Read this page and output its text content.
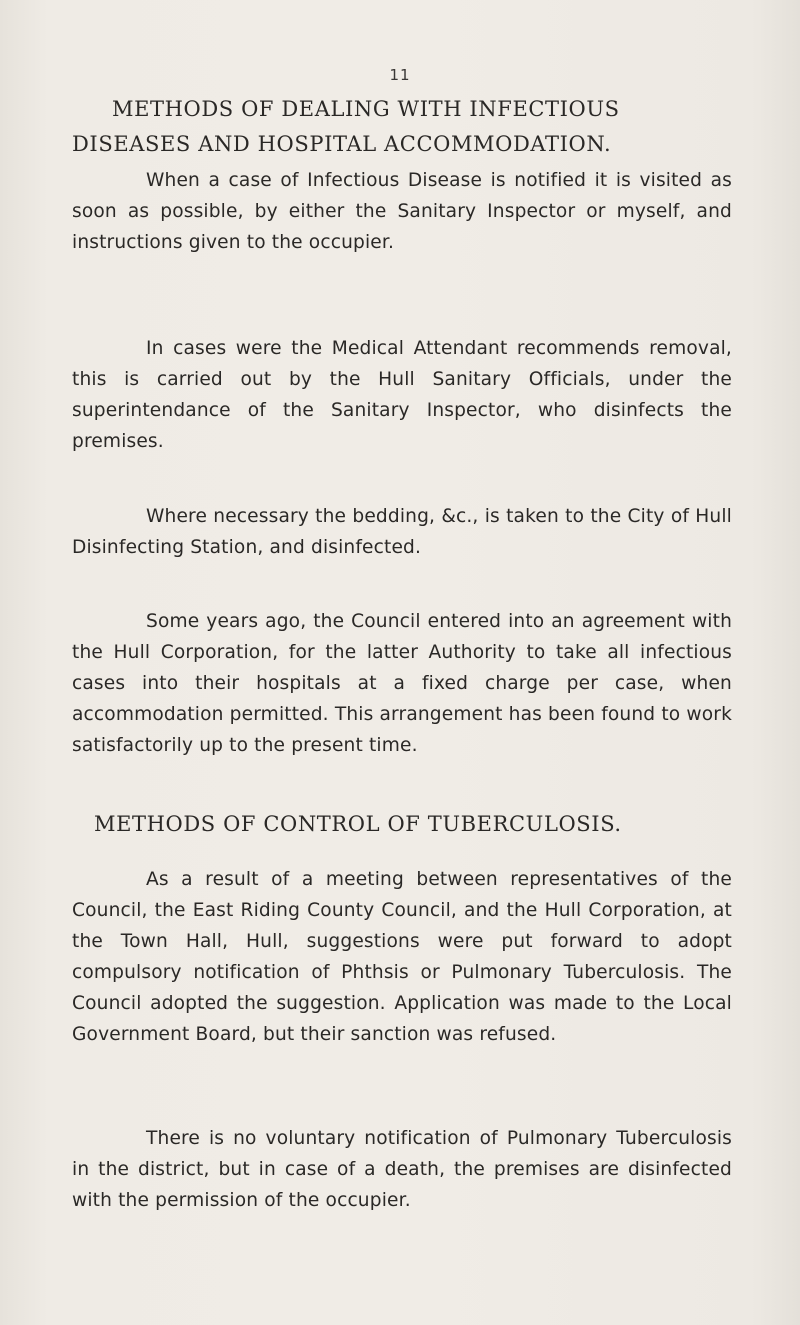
11
METHODS OF DEALING WITH INFECTIOUS
DISEASES AND HOSPITAL ACCOMMODATION.

When a case of Infectious Disease is notified it is visited as soon as possible, by either the Sanitary Inspector or myself, and instructions given to the occupier.

In cases were the Medical Attendant recommends removal, this is carried out by the Hull Sanitary Officials, under the superintendance of the Sanitary Inspector, who disinfects the premises.

Where necessary the bedding, &c., is taken to the City of Hull Disinfecting Station, and disinfected.

Some years ago, the Council entered into an agreement with the Hull Corporation, for the latter Authority to take all infectious cases into their hospitals at a fixed charge per case, when accommodation permitted. This arrangement has been found to work satisfactorily up to the present time.

METHODS OF CONTROL OF TUBERCULOSIS.

As a result of a meeting between representatives of the Council, the East Riding County Council, and the Hull Corporation, at the Town Hall, Hull, suggestions were put forward to adopt compulsory notification of Phthsis or Pulmonary Tuberculosis. The Council adopted the suggestion. Application was made to the Local Government Board, but their sanction was refused.

There is no voluntary notification of Pulmonary Tuberculosis in the district, but in case of a death, the premises are disinfected with the permission of the occupier.
